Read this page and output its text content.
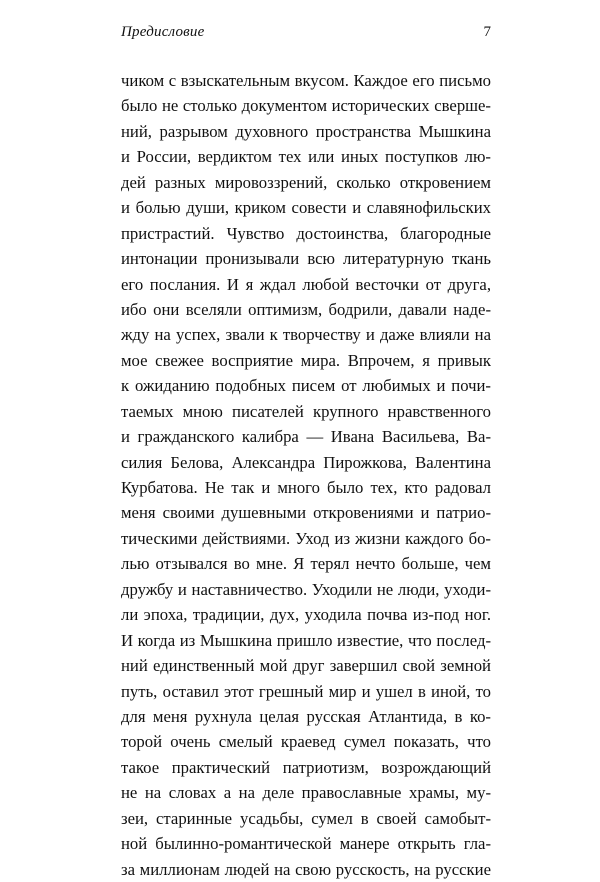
Предисловие	7
чиком с взыскательным вкусом. Каждое его письмо
было не столько документом исторических сверше-
ний, разрывом духовного пространства Мышкина
и России, вердиктом тех или иных поступков лю-
дей разных мировоззрений, сколько откровением
и болью души, криком совести и славянофильских
пристрастий. Чувство достоинства, благородные
интонации пронизывали всю литературную ткань
его послания. И я ждал любой весточки от друга,
ибо они вселяли оптимизм, бодрили, давали наде-
жду на успех, звали к творчеству и даже влияли на
мое свежее восприятие мира. Впрочем, я привык
к ожиданию подобных писем от любимых и почи-
таемых мною писателей крупного нравственного
и гражданского калибра — Ивана Васильева, Ва-
силия Белова, Александра Пирожкова, Валентина
Курбатова. Не так и много было тех, кто радовал
меня своими душевными откровениями и патрио-
тическими действиями. Уход из жизни каждого бо-
лью отзывался во мне. Я терял нечто больше, чем
дружбу и наставничество. Уходили не люди, уходи-
ли эпоха, традиции, дух, уходила почва из-под ног.
И когда из Мышкина пришло известие, что послед-
ний единственный мой друг завершил свой земной
путь, оставил этот грешный мир и ушел в иной, то
для меня рухнула целая русская Атлантида, в ко-
торой очень смелый краевед сумел показать, что
такое практический патриотизм, возрождающий
не на словах а на деле православные храмы, му-
зеи, старинные усадьбы, сумел в своей самобыт-
ной былинно-романтической манере открыть гла-
за миллионам людей на свою русскость, на русские
